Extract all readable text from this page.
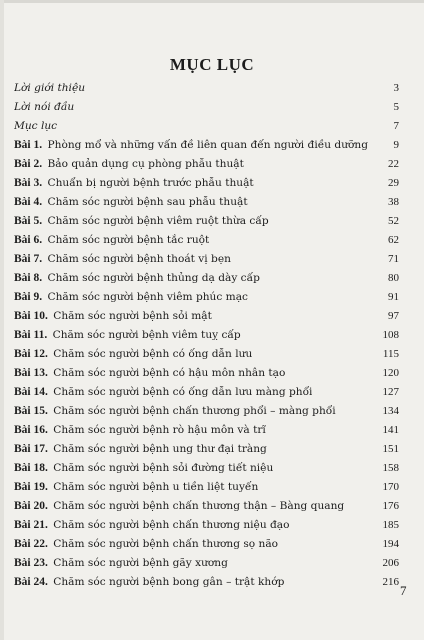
MỤC LỤC
Lời giới thiệu	3
Lời nói đầu	5
Mục lục	7
Bài 1. Phòng mổ và những vấn đề liên quan đến người điều dưỡng	9
Bài 2. Bảo quản dụng cụ phòng phẫu thuật	22
Bài 3. Chuẩn bị người bệnh trước phẫu thuật	29
Bài 4. Chăm sóc người bệnh sau phẫu thuật	38
Bài 5. Chăm sóc người bệnh viêm ruột thừa cấp	52
Bài 6. Chăm sóc người bệnh tắc ruột	62
Bài 7. Chăm sóc người bệnh thoát vị bẹn	71
Bài 8. Chăm sóc người bệnh thủng dạ dày cấp	80
Bài 9. Chăm sóc người bệnh viêm phúc mạc	91
Bài 10. Chăm sóc người bệnh sỏi mật	97
Bài 11. Chăm sóc người bệnh viêm tuỵ cấp	108
Bài 12. Chăm sóc người bệnh có ống dẫn lưu	115
Bài 13. Chăm sóc người bệnh có hậu môn nhân tạo	120
Bài 14. Chăm sóc người bệnh có ống dẫn lưu màng phổi	127
Bài 15. Chăm sóc người bệnh chấn thương phổi – màng phổi	134
Bài 16. Chăm sóc người bệnh rò hậu môn và trĩ	141
Bài 17. Chăm sóc người bệnh ung thư đại tràng	151
Bài 18. Chăm sóc người bệnh sỏi đường tiết niệu	158
Bài 19. Chăm sóc người bệnh u tiền liệt tuyến	170
Bài 20. Chăm sóc người bệnh chấn thương thận – Bàng quang	176
Bài 21. Chăm sóc người bệnh chấn thương niệu đạo	185
Bài 22. Chăm sóc người bệnh chấn thương sọ não	194
Bài 23. Chăm sóc người bệnh gãy xương	206
Bài 24. Chăm sóc người bệnh bong gân – trật khớp	216
7
